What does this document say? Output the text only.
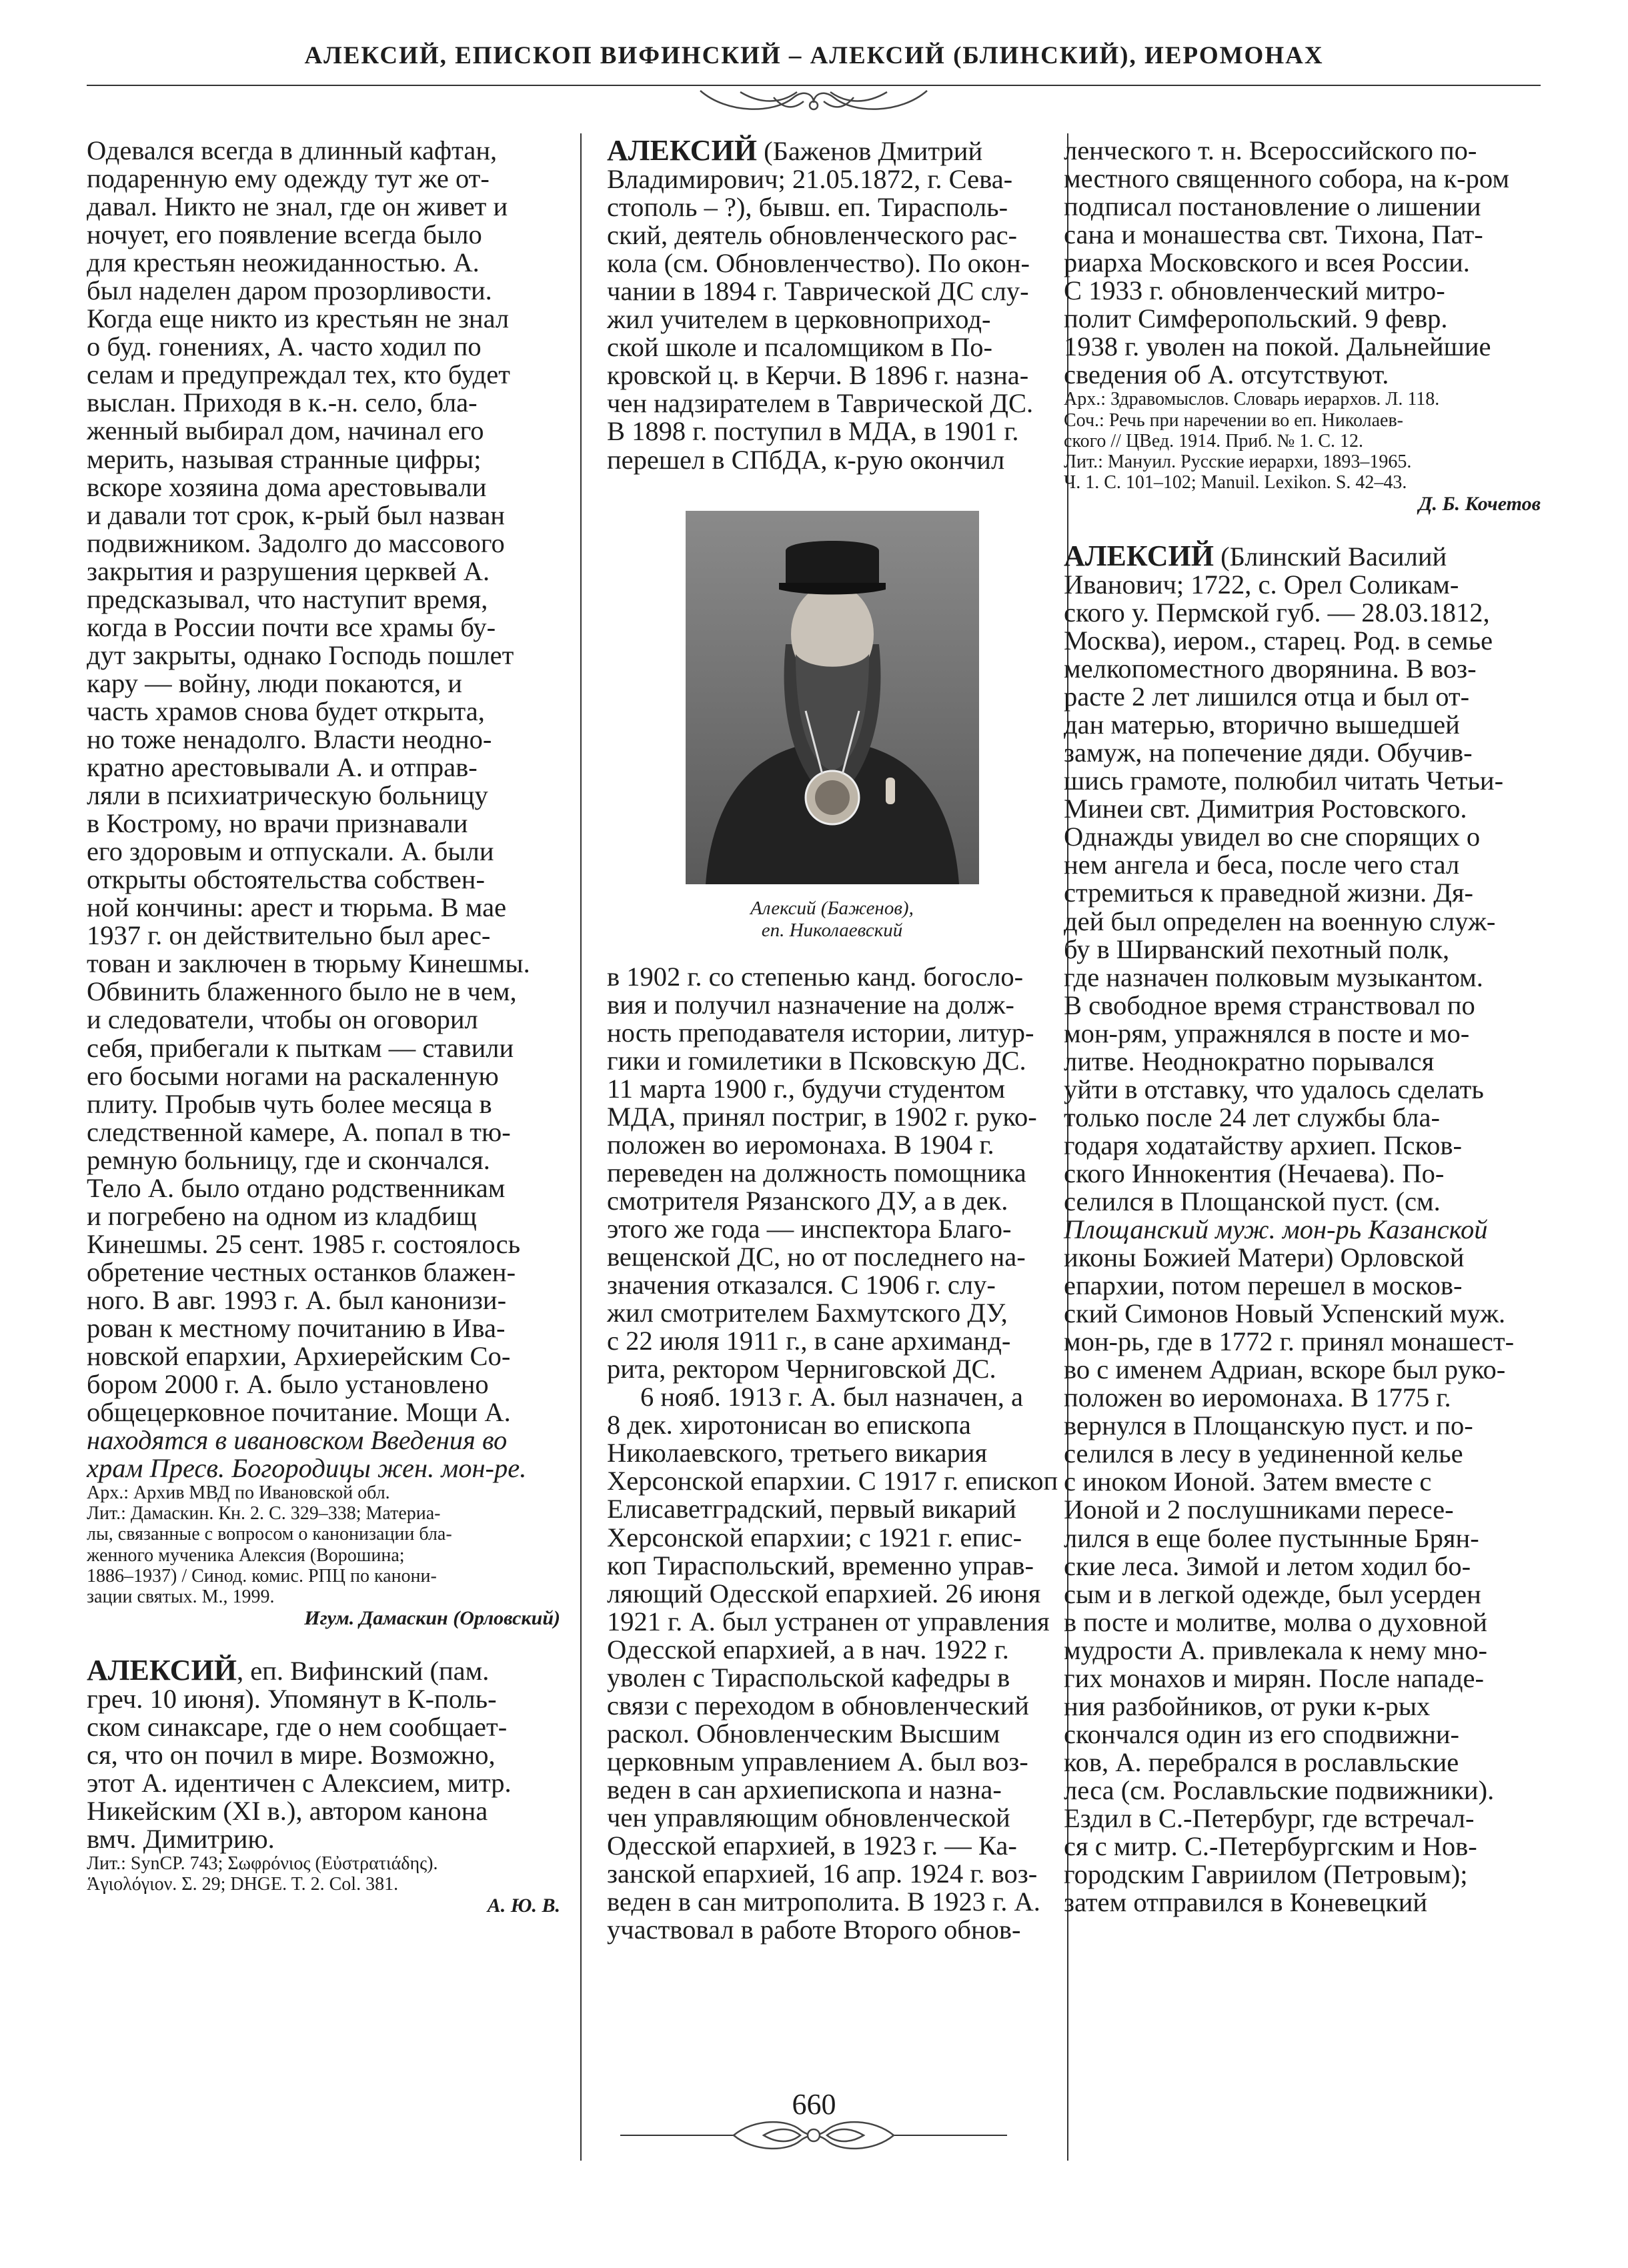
АЛЕКСИЙ, ЕПИСКОП ВИФИНСКИЙ – АЛЕКСИЙ (БЛИНСКИЙ), ИЕРОМОНАХ
Одевался всегда в длинный кафтан,
подаренную ему одежду тут же от-
давал. Никто не знал, где он живет и
ночует, его появление всегда было
для крестьян неожиданностью. А.
был наделен даром прозорливости.
Когда еще никто из крестьян не знал
о буд. гонениях, А. часто ходил по
селам и предупреждал тех, кто будет
выслан. Приходя в к.-н. село, бла-
женный выбирал дом, начинал его
мерить, называя странные цифры;
вскоре хозяина дома арестовывали
и давали тот срок, к-рый был назван
подвижником. Задолго до массового
закрытия и разрушения церквей А.
предсказывал, что наступит время,
когда в России почти все храмы бу-
дут закрыты, однако Господь пошлет
кару — войну, люди покаются, и
часть храмов снова будет открыта,
но тоже ненадолго. Власти неодно-
кратно арестовывали А. и отправ-
ляли в психиатрическую больницу
в Кострому, но врачи признавали
его здоровым и отпускали. А. были
открыты обстоятельства собствен-
ной кончины: арест и тюрьма. В мае
1937 г. он действительно был арес-
тован и заключен в тюрьму Кинешмы.
Обвинить блаженного было не в чем,
и следователи, чтобы он оговорил
себя, прибегали к пыткам — ставили
его босыми ногами на раскаленную
плиту. Пробыв чуть более месяца в
следственной камере, А. попал в тю-
ремную больницу, где и скончался.
Тело А. было отдано родственникам
и погребено на одном из кладбищ
Кинешмы. 25 сент. 1985 г. состоялось
обретение честных останков блажен-
ного. В авг. 1993 г. А. был канонизи-
рован к местному почитанию в Ива-
новской епархии, Архиерейским Со-
бором 2000 г. А. было установлено
общецерковное почитание. Мощи А.
находятся в ивановском Введения во
храм Пресв. Богородицы жен. мон-ре.
Арх.: Архив МВД по Ивановской обл.
Лит.: Дамаскин. Кн. 2. С. 329–338; Материа-
лы, связанные с вопросом о канонизации бла-
женного мученика Алексия (Ворошина;
1886–1937) / Синод. комис. РПЦ по канони-
зации святых. М., 1999.
Игум. Дамаскин (Орловский)
АЛЕКСИЙ, еп. Вифинский (пам.
греч. 10 июня). Упомянут в К-поль-
ском синаксаре, где о нем сообщает-
ся, что он почил в мире. Возможно,
этот А. идентичен с Алексием, митр.
Никейским (XI в.), автором канона
вмч. Димитрию.
Лит.: SynCP. 743; Σωφρόνιος (Εὐστρατιάδης).
Ἁγιολόγιον. Σ. 29; DHGE. T. 2. Col. 381.
А. Ю. В.
АЛЕКСИЙ (Баженов Дмитрий
Владимирович; 21.05.1872, г. Сева-
стополь – ?), бывш. еп. Тирасполь-
ский, деятель обновленческого рас-
кола (см. Обновленчество). По окон-
чании в 1894 г. Таврической ДС слу-
жил учителем в церковноприход-
ской школе и псаломщиком в По-
кровской ц. в Керчи. В 1896 г. назна-
чен надзирателем в Таврической ДС.
В 1898 г. поступил в МДА, в 1901 г.
перешел в СПбДА, к-рую окончил
Алексий (Баженов),
еп. Николаевский
в 1902 г. со степенью канд. богосло-
вия и получил назначение на долж-
ность преподавателя истории, литур-
гики и гомилетики в Псковскую ДС.
11 марта 1900 г., будучи студентом
МДА, принял постриг, в 1902 г. руко-
положен во иеромонаха. В 1904 г.
переведен на должность помощника
смотрителя Рязанского ДУ, а в дек.
этого же года — инспектора Благо-
вещенской ДС, но от последнего на-
значения отказался. С 1906 г. слу-
жил смотрителем Бахмутского ДУ,
с 22 июля 1911 г., в сане архиманд-
рита, ректором Черниговской ДС.
6 нояб. 1913 г. А. был назначен, а
8 дек. хиротонисан во епископа
Николаевского, третьего викария
Херсонской епархии. С 1917 г. епископ
Елисаветградский, первый викарий
Херсонской епархии; с 1921 г. епис-
коп Тираспольский, временно управ-
ляющий Одесской епархией. 26 июня
1921 г. А. был устранен от управления
Одесской епархией, а в нач. 1922 г.
уволен с Тираспольской кафедры в
связи с переходом в обновленческий
раскол. Обновленческим Высшим
церковным управлением А. был воз-
веден в сан архиепископа и назна-
чен управляющим обновленческой
Одесской епархией, в 1923 г. — Ка-
занской епархией, 16 апр. 1924 г. воз-
веден в сан митрополита. В 1923 г. А.
участвовал в работе Второго обнов-
ленческого т. н. Всероссийского по-
местного священного собора, на к-ром
подписал постановление о лишении
сана и монашества свт. Тихона, Пат-
риарха Московского и всея России.
С 1933 г. обновленческий митро-
полит Симферопольский. 9 февр.
1938 г. уволен на покой. Дальнейшие
сведения об А. отсутствуют.
Арх.: Здравомыслов. Словарь иерархов. Л. 118.
Соч.: Речь при наречении во еп. Николаев-
ского // ЦВед. 1914. Приб. № 1. С. 12.
Лит.: Мануил. Русские иерархи, 1893–1965.
Ч. 1. С. 101–102; Manuil. Lexikon. S. 42–43.
Д. Б. Кочетов
АЛЕКСИЙ (Блинский Василий
Иванович; 1722, с. Орел Соликам-
ского у. Пермской губ. — 28.03.1812,
Москва), иером., старец. Род. в семье
мелкопоместного дворянина. В воз-
расте 2 лет лишился отца и был от-
дан матерью, вторично вышедшей
замуж, на попечение дяди. Обучив-
шись грамоте, полюбил читать Четьи-
Минеи свт. Димитрия Ростовского.
Однажды увидел во сне спорящих о
нем ангела и беса, после чего стал
стремиться к праведной жизни. Дя-
дей был определен на военную служ-
бу в Ширванский пехотный полк,
где назначен полковым музыкантом.
В свободное время странствовал по
мон-рям, упражнялся в посте и мо-
литве. Неоднократно порывался
уйти в отставку, что удалось сделать
только после 24 лет службы бла-
годаря ходатайству архиеп. Псков-
ского Иннокентия (Нечаева). По-
селился в Площанской пуст. (см.
Площанский муж. мон-рь Казанской
иконы Божией Матери) Орловской
епархии, потом перешел в москов-
ский Симонов Новый Успенский муж.
мон-рь, где в 1772 г. принял монашест-
во с именем Адриан, вскоре был руко-
положен во иеромонаха. В 1775 г.
вернулся в Площанскую пуст. и по-
селился в лесу в уединенной келье
с иноком Ионой. Затем вместе с
Ионой и 2 послушниками пересе-
лился в еще более пустынные Брян-
ские леса. Зимой и летом ходил бо-
сым и в легкой одежде, был усерден
в посте и молитве, молва о духовной
мудрости А. привлекала к нему мно-
гих монахов и мирян. После нападе-
ния разбойников, от руки к-рых
скончался один из его сподвижни-
ков, А. перебрался в рославльские
леса (см. Рославльские подвижники).
Ездил в С.-Петербург, где встречал-
ся с митр. С.-Петербургским и Нов-
городским Гавриилом (Петровым);
затем отправился в Коневецкий
660
